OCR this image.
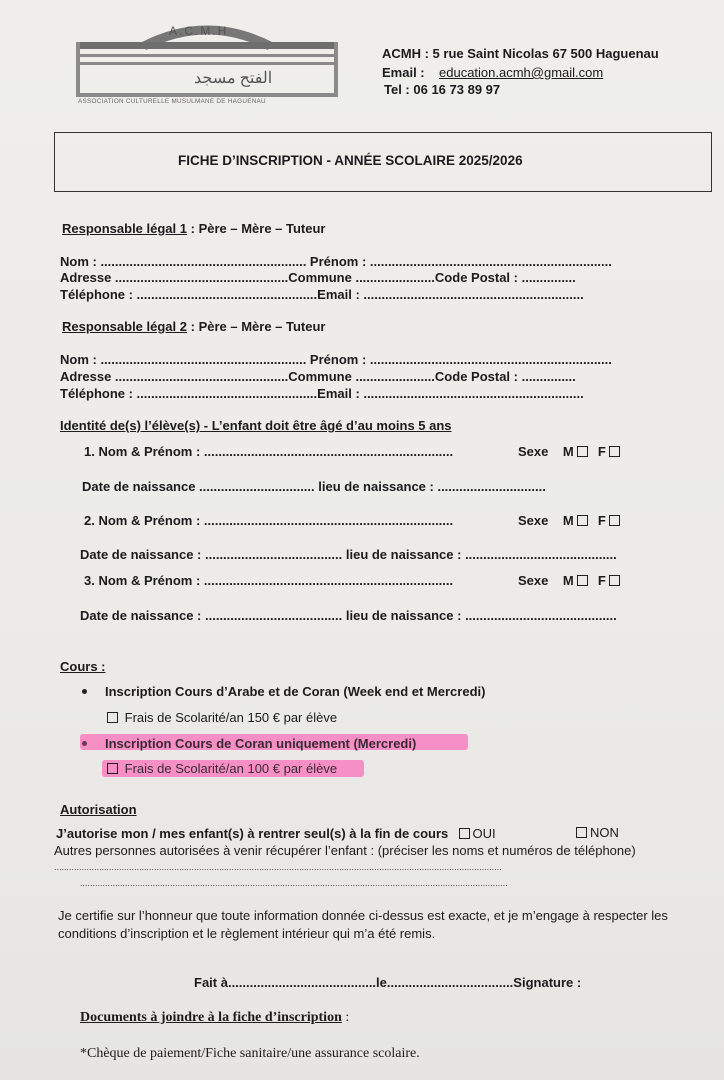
A.C.M.H
الفتح مسجد
ASSOCIATION CULTURELLE MUSULMANE DE HAGUENAU
ACMH : 5 rue Saint Nicolas 67 500 Haguenau
Email : education.acmh@gmail.com
Tel : 06 16 73 89 97
FICHE D’INSCRIPTION - ANNÉE SCOLAIRE 2025/2026
Responsable légal 1 : Père – Mère – Tuteur
Nom : ......................................................... Prénom : ...................................................................
Adresse ................................................Commune ......................Code Postal : ...............
Téléphone : ..................................................Email : .............................................................
Responsable légal 2 : Père – Mère – Tuteur
Nom : ......................................................... Prénom : ...................................................................
Adresse ................................................Commune ......................Code Postal : ...............
Téléphone : ..................................................Email : .............................................................
Identité de(s) l’élève(s) - L’enfant doit être âgé d’au moins 5 ans
1. Nom & Prénom : .....................................................................	Sexe M F
Date de naissance ................................ lieu de naissance : ..............................
2. Nom & Prénom : .....................................................................	Sexe M F
Date de naissance : ...................................... lieu de naissance : ..........................................
3. Nom & Prénom : .....................................................................	Sexe M F
Date de naissance : ...................................... lieu de naissance : ..........................................
Cours :
Inscription Cours d’Arabe et de Coran (Week end et Mercredi)
Frais de Scolarité/an 150 € par élève
Inscription Cours de Coran uniquement (Mercredi)
Frais de Scolarité/an 100 € par élève
Autorisation
J’autorise mon / mes enfant(s) à rentrer seul(s) à la fin de cours OUI	NON
Autres personnes autorisées à venir récupérer l’enfant : (préciser les noms et numéros de téléphone)
...................................................................................................................................................................................
...........................................................................................................................................................................
Je certifie sur l’honneur que toute information donnée ci-dessus est exacte, et je m’engage à respecter les
conditions d’inscription et le règlement intérieur qui m’a été remis.
Fait à.........................................le...................................Signature :
Documents à joindre à la fiche d’inscription :
*Chèque de paiement/Fiche sanitaire/une assurance scolaire.
